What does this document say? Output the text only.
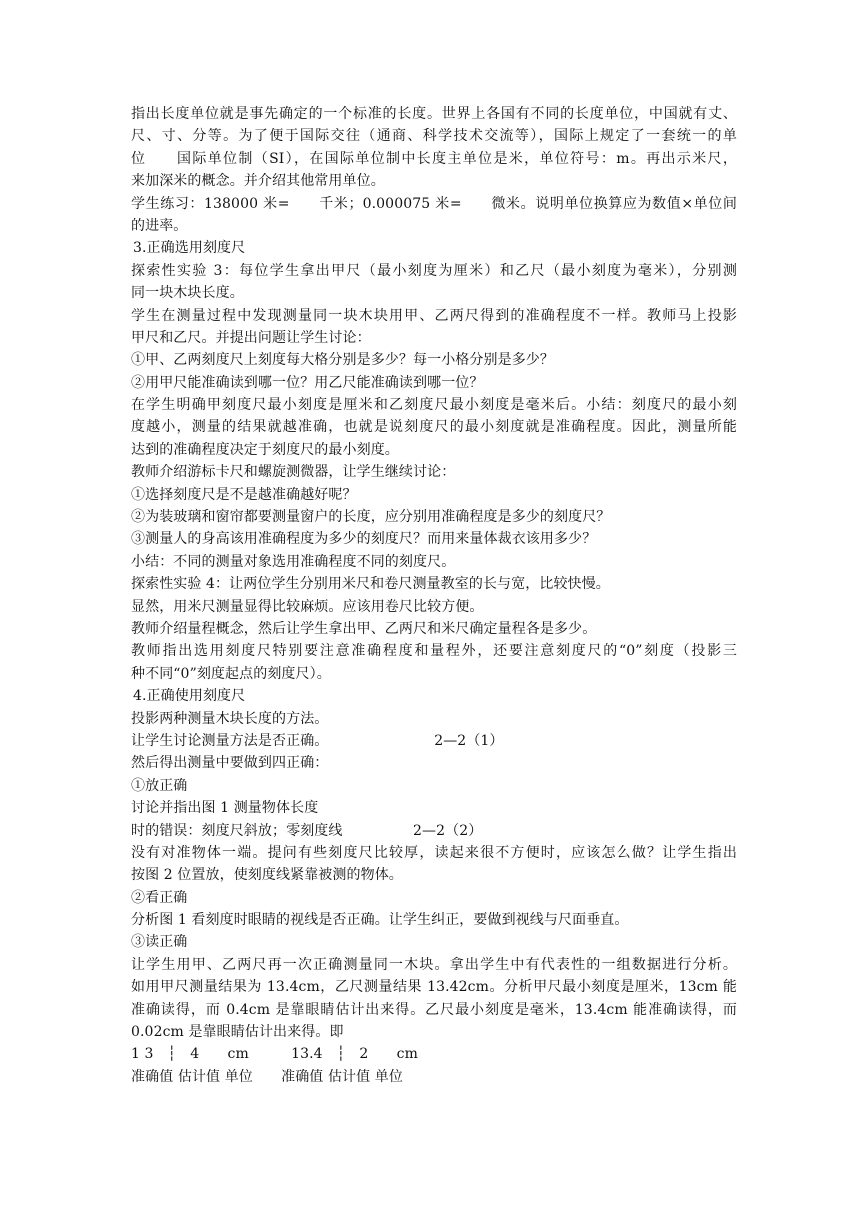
指出长度单位就是事先确定的一个标准的长度。世界上各国有不同的长度单位，中国就有丈、
尺、寸、分等。为了便于国际交往（通商、科学技术交流等），国际上规定了一套统一的单
位　　国际单位制（SI），在国际单位制中长度主单位是米，单位符号：m。再出示米尺，
来加深米的概念。并介绍其他常用单位。
学生练习：138000 米=　　千米；0.000075 米=　　微米。说明单位换算应为数值×单位间
的进率。
3.正确选用刻度尺
探索性实验 3：每位学生拿出甲尺（最小刻度为厘米）和乙尺（最小刻度为毫米），分别测
同一块木块长度。
学生在测量过程中发现测量同一块木块用甲、乙两尺得到的准确程度不一样。教师马上投影
甲尺和乙尺。并提出问题让学生讨论：
①甲、乙两刻度尺上刻度每大格分别是多少？每一小格分别是多少？
②用甲尺能准确读到哪一位？用乙尺能准确读到哪一位？
在学生明确甲刻度尺最小刻度是厘米和乙刻度尺最小刻度是毫米后。小结：刻度尺的最小刻
度越小，测量的结果就越准确，也就是说刻度尺的最小刻度就是准确程度。因此，测量所能
达到的准确程度决定于刻度尺的最小刻度。
教师介绍游标卡尺和螺旋测微器，让学生继续讨论：
①选择刻度尺是不是越准确越好呢？
②为装玻璃和窗帘都要测量窗户的长度，应分别用准确程度是多少的刻度尺？
③测量人的身高该用准确程度为多少的刻度尺？而用来量体裁衣该用多少？
小结：不同的测量对象选用准确程度不同的刻度尺。
探索性实验 4：让两位学生分别用米尺和卷尺测量教室的长与宽，比较快慢。
显然，用米尺测量显得比较麻烦。应该用卷尺比较方便。
教师介绍量程概念，然后让学生拿出甲、乙两尺和米尺确定量程各是多少。
教师指出选用刻度尺特别要注意准确程度和量程外，还要注意刻度尺的“0”刻度（投影三
种不同“0”刻度起点的刻度尺）。
4.正确使用刻度尺
投影两种测量木块长度的方法。
让学生讨论测量方法是否正确。　　　　　　　　2—2（1）
然后得出测量中要做到四正确：
①放正确
讨论并指出图 1 测量物体长度
时的错误：刻度尺斜放；零刻度线　　　　　2—2（2）
没有对准物体一端。提问有些刻度尺比较厚，读起来很不方便时，应该怎么做？让学生指出
按图 2 位置放，使刻度线紧靠被测的物体。
②看正确
分析图 1 看刻度时眼睛的视线是否正确。让学生纠正，要做到视线与尺面垂直。
③读正确
让学生用甲、乙两尺再一次正确测量同一木块。拿出学生中有代表性的一组数据进行分析。
如用甲尺测量结果为 13.4cm，乙尺测量结果 13.42cm。分析甲尺最小刻度是厘米，13cm 能
准确读得，而 0.4cm 是靠眼睛估计出来得。乙尺最小刻度是毫米，13.4cm 能准确读得，而
0.02cm 是靠眼睛估计出来得。即
1 3　┆　4　　cm　　　13.4　┆　2　　cm
准确值 估计值 单位　　准确值 估计值 单位
